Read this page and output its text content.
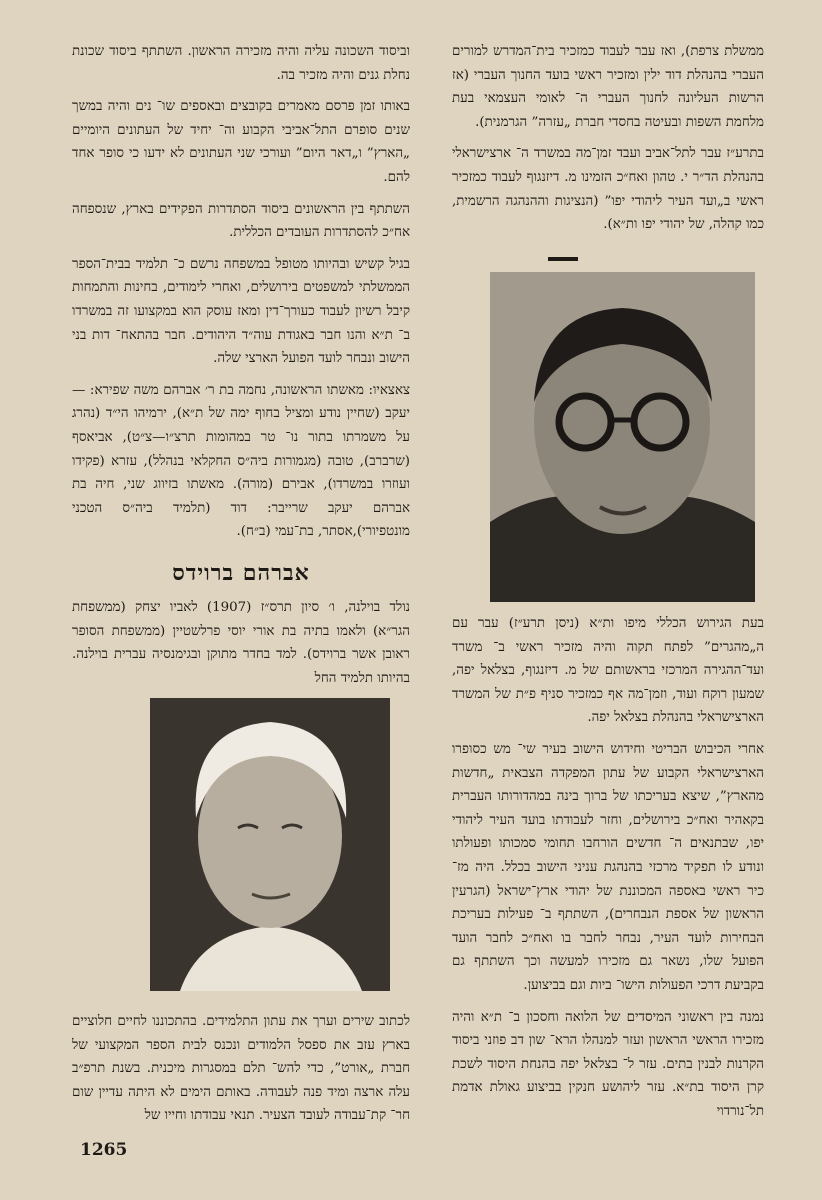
ממשלת צרפת), ואז עבר לעבוד כמזכיר בית־המדרש למורים העברי בהנהלת דוד ילין ומזכיר ראשי בועד החנוך העברי (אז הרשות העליונה לחנוך העברי ה־ לאומי העצמאי בעת מלחמת השפות ובעיטה בחסדי חברת „עזרה” הגרמנית).

בתרע״ז עבר לתל־אביב ועבד זמן־מה במשרד ה־ ארצישראלי בהנהלת הד״ר י. טהון ואח״כ הזמינו מ. דיזנגוף לעבוד כמזכיר ראשי ב„ועד העיר ליהודי יפו” (הנציגות וההנהגה הרשמית, כמו קהלה, של יהודי יפו ות״א).

בעת הגירוש הכללי מיפו ות״א (ניסן תרע״ז) עבר עם ה„מהגרים” לפתח תקוה והיה מזכיר ראשי ב־ משרד ועד־ההגירה המרכזי בראשותם של מ. דיזנגוף, בצלאל יפה, שמעון רוקח ועוד, וזמן־מה אף כמזכיר סניף פ״ת של המשרד הארצישראלי בהנהלת בצלאל יפה.

אחרי הכיבוש הבריטי וחידוש הישוב בעיר שי־ מש כסופרו הארצישראלי הקבוע של עתון המפקדה הצבאית „חדשות מהארץ”, שיצא בעריכתו של ברוך בינה במהדורותו העברית בקאהיר ואח״כ בירושלים, וחזר לעבודתו בועד העיר ליהודי יפו, שבתנאים ה־ חדשים הורחבו תחומי סמכותו ופעולתו ונודע לו תפקיד מרכזי בהנהגת עניני הישוב בכלל. היה מז־ כיר ראשי באספה המכוננת של יהודי ארץ־ישראל (הגרעין הראשון של אספת הנבחרים), השתתף ב־ פעילות בעריכת הבחירות לועד העיר, נבחר לחבר בו ואח״כ לחבר הועד הפועל שלו, נשאר גם מזכירו למעשה וכך השתתף גם בקביעת דרכי הפעולות הישו־ ביות וגם בביצוען.

נמנה בין ראשוני המיסדים של הלואה וחסכון ב־ ת״א והיה מזכירו הראשי הראשון ועזר למנהלו הרא־ שון דב פוזני ביסוד הקרנות לבנין בתים. עזר ל־ בצלאל יפה בהנחת היסוד לשכת קרן היסוד בת״א. עזר ליהושע חנקין בביצוע גאולת אדמת תל־נורדוי

וביסוד השכונה עליה והיה מזכירה הראשון. השתתף ביסוד שכונת נחלת גנים והיה מזכיר בה.

באותו זמן פרסם מאמרים בקובצים ובאספים שו־ נים והיה במשך שנים סופרם התל־אביבי הקבוע וה־ יחיד של העתונים היומיים „הארץ” ו„דאר היום” ועורכי שני העתונים לא ידעו כי סופר אחד להם.

השתתף בין הראשונים ביסוד הסתדרות הפקידים בארץ, שנספחה אח״כ להסתדרות העובדים הכללית.

בגיל קשיש ובהיותו מטופל במשפחה נרשם כ־ תלמיד בבית־הספר הממשלתי למשפטים בירושלים, ואחרי לימודים, בחינות והתמחות קיבל רשיון לעבוד כעורך־דין ומאז עוסק הוא במקצועו זה במשרדו ב־ ת״א והנו חבר באגודת עוה״ד היהודים. חבר בהתאח־ דות בני הישוב ונבחר לועד הפועל הארצי שלה.

צאצאיו: מאשתו הראשונה, נחמה בת ר׳ אברהם משה שפירא: — יעקב (שחיין נודע ומציל בחוף ימה של ת״א), ירמיהו הי״ד (נהרג על משמרתו בתור נו־ טר במהומות תרצ״ו—צ״ט), אביאסף (שרברב), טובה (מגמורות ביה״ס החקלאי בנהלל), עזרא (פקידו ועוזרו במשרדו), אבירם (מורה). מאשתו בזיווג שני, חיה בת אברהם יעקב שרייבר: דוד (תלמיד ביה״ס הטכני מונטפיורי),אסתר, בת־עמי (ב״ח).

אברהם ברוידס
נולד בוילנה, ו׳ סיון תרס״ז (1907) לאביו יצחק (ממשפחת הגר״א) ולאמו בתיה בת אורי יוסי פרלשטיין (ממשפחת הסופר ראובן אשר ברוידס). למד בחדר מתוקן ובגימנסיה עברית בוילנה. בהיותו תלמיד החל
לכתוב שירים וערך את עתון התלמידים. בהתכוננו לחיים חלוציים בארץ עזב את ספסל הלמודים ונכנס לבית הספר המקצועי של חברת „אורט”, כדי להש־ תלם במסגרות מיכנית. בשנת תרפ״ב עלה ארצה ומיד פנה לעבודה. באותם הימים לא היתה עדיין שום חר־ קת־עבודה לעובד הצעיר. תנאי עבודתו וחייו של
1265
